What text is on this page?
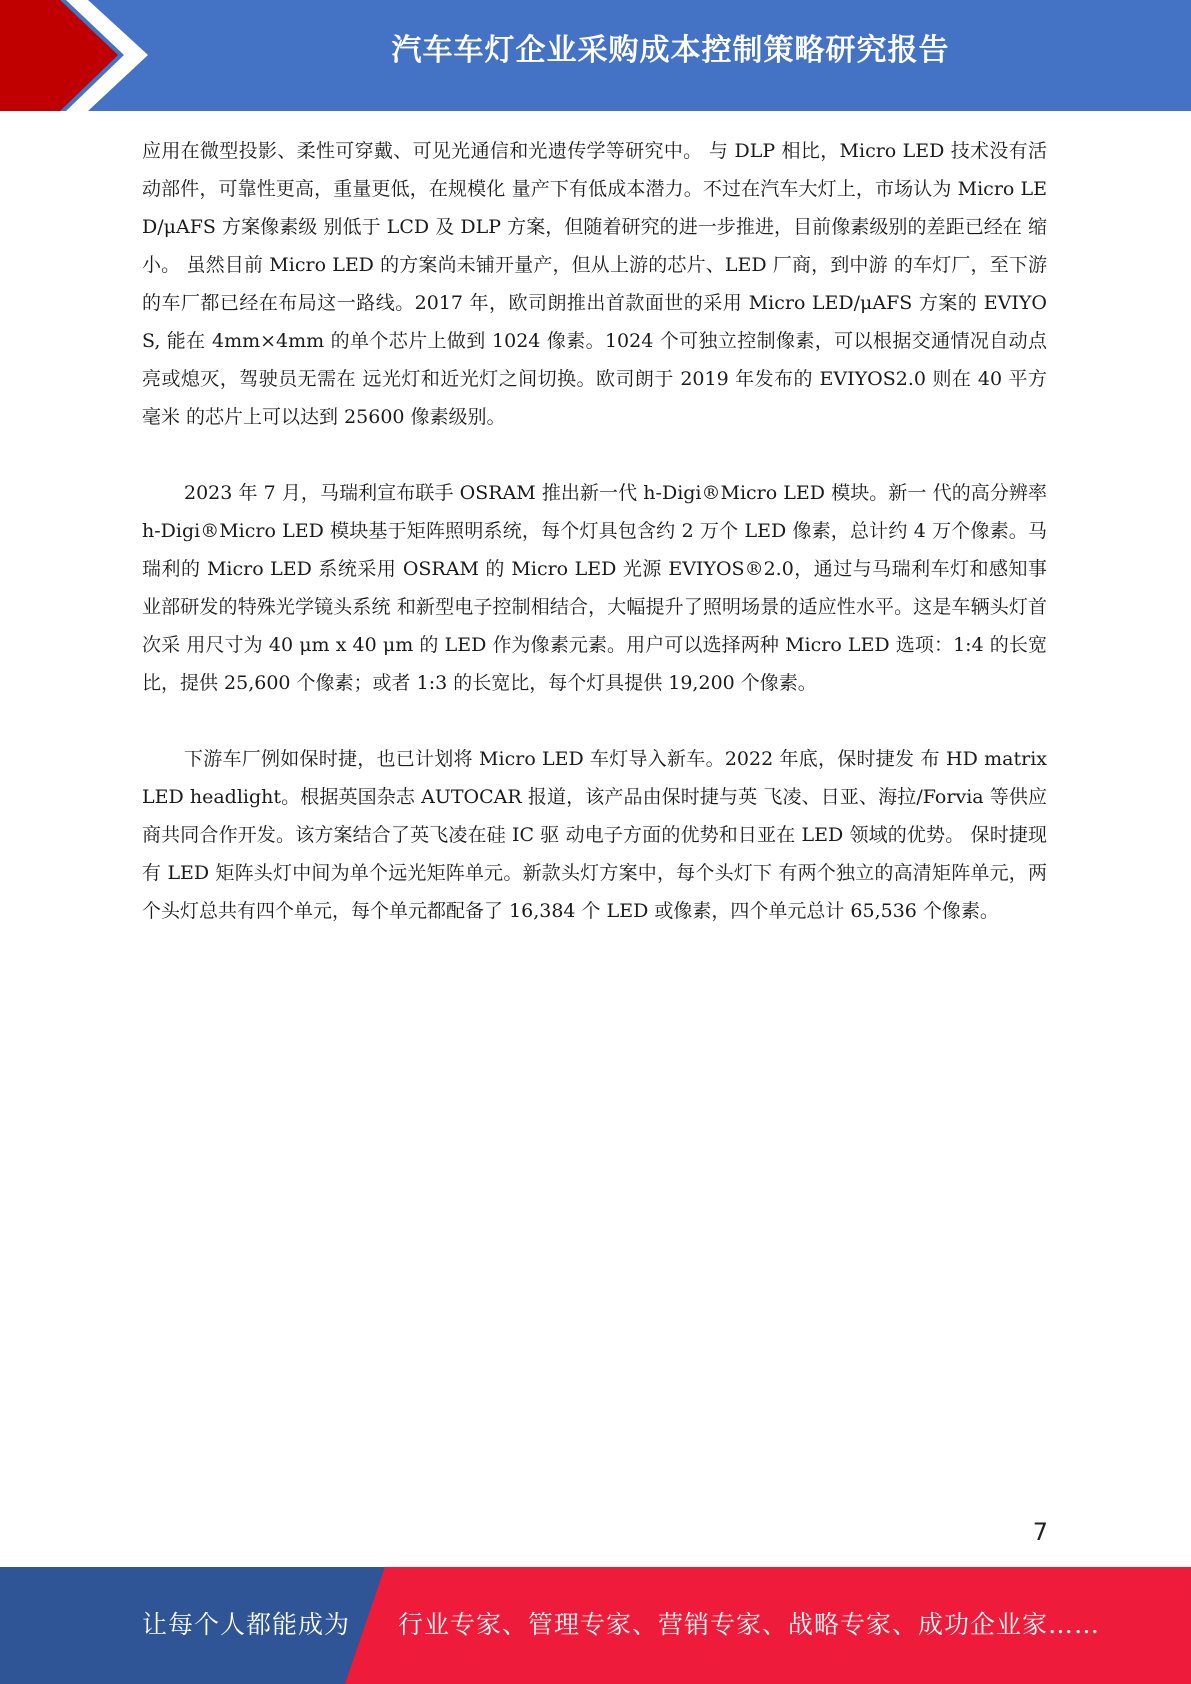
汽车车灯企业采购成本控制策略研究报告

应用在微型投影、柔性可穿戴、可见光通信和光遗传学等研究中。 与 DLP 相比，Micro LED 技术没有活动部件，可靠性更高，重量更低，在规模化 量产下有低成本潜力。不过在汽车大灯上，市场认为 Micro LED/μAFS 方案像素级 别低于 LCD 及 DLP 方案，但随着研究的进一步推进，目前像素级别的差距已经在 缩小。 虽然目前 Micro LED 的方案尚未铺开量产，但从上游的芯片、LED 厂商，到中游 的车灯厂，至下游的车厂都已经在布局这一路线。2017 年，欧司朗推出首款面世的采用 Micro LED/μAFS 方案的 EVIYOS, 能在 4mm×4mm 的单个芯片上做到 1024 像素。1024 个可独立控制像素，可以根据交通情况自动点亮或熄灭，驾驶员无需在 远光灯和近光灯之间切换。欧司朗于 2019 年发布的 EVIYOS2.0 则在 40 平方毫米 的芯片上可以达到 25600 像素级别。

2023 年 7 月，马瑞利宣布联手 OSRAM 推出新一代 h-Digi®Micro LED 模块。新一 代的高分辨率 h-Digi®Micro LED 模块基于矩阵照明系统，每个灯具包含约 2 万个 LED 像素，总计约 4 万个像素。马瑞利的 Micro LED 系统采用 OSRAM 的 Micro LED 光源 EVIYOS®2.0，通过与马瑞利车灯和感知事业部研发的特殊光学镜头系统 和新型电子控制相结合，大幅提升了照明场景的适应性水平。这是车辆头灯首次采 用尺寸为 40 μm x 40 μm 的 LED 作为像素元素。用户可以选择两种 Micro LED 选项：1:4 的长宽比，提供 25,600 个像素；或者 1:3 的长宽比，每个灯具提供 19,200 个像素。

下游车厂例如保时捷，也已计划将 Micro LED 车灯导入新车。2022 年底，保时捷发 布 HD matrix LED headlight。根据英国杂志 AUTOCAR 报道，该产品由保时捷与英 飞凌、日亚、海拉/Forvia 等供应商共同合作开发。该方案结合了英飞凌在硅 IC 驱 动电子方面的优势和日亚在 LED 领域的优势。 保时捷现有 LED 矩阵头灯中间为单个远光矩阵单元。新款头灯方案中，每个头灯下 有两个独立的高清矩阵单元，两个头灯总共有四个单元，每个单元都配备了 16,384 个 LED 或像素，四个单元总计 65,536 个像素。

7
让每个人都能成为 行业专家、管理专家、营销专家、战略专家、成功企业家……
